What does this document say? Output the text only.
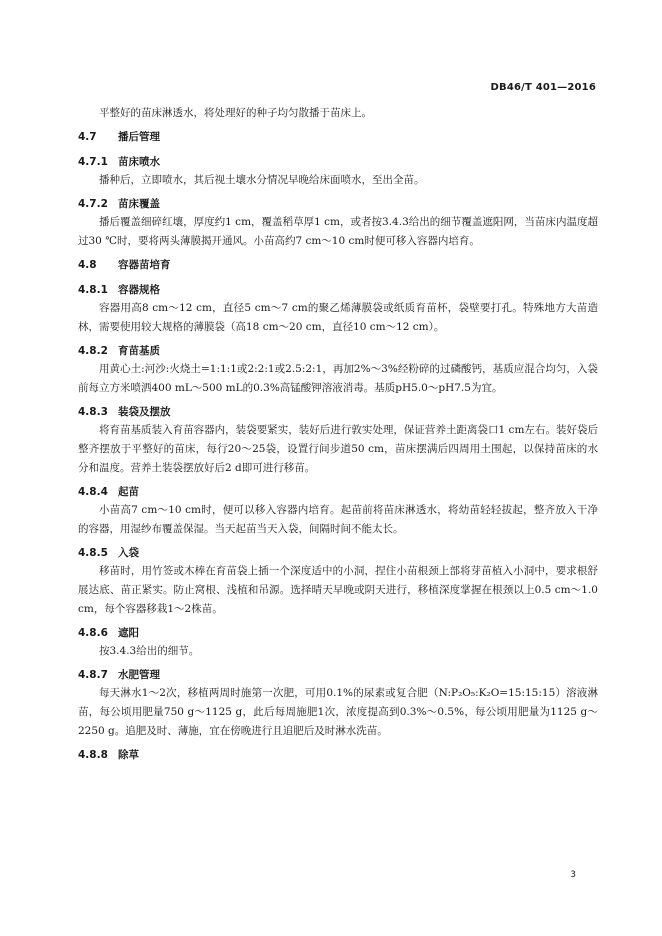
DB46/T 401—2016

平整好的苗床淋透水，将处理好的种子均匀散播于苗床上。

4.7 播后管理
4.7.1 苗床喷水

播种后，立即喷水，其后视土壤水分情况早晚给床面喷水，至出全苗。

4.7.2 苗床覆盖

播后覆盖细碎红壤，厚度约1 cm，覆盖稻草厚1 cm，或者按3.4.3给出的细节覆盖遮阳网，当苗床内温度超过30 ℃时，要将两头薄膜揭开通风。小苗高约7 cm～10 cm时便可移入容器内培育。

4.8 容器苗培育
4.8.1 容器规格

容器用高8 cm～12 cm，直径5 cm～7 cm的聚乙烯薄膜袋或纸质育苗杯，袋壁要打孔。特殊地方大苗造林，需要使用较大规格的薄膜袋（高18 cm～20 cm，直径10 cm～12 cm）。

4.8.2 育苗基质

用黄心土:河沙:火烧土=1:1:1或2:2:1或2.5:2:1，再加2%～3%经粉碎的过磷酸钙，基质应混合均匀，入袋前每立方米喷洒400 mL～500 mL的0.3%高锰酸钾溶液消毒。基质pH5.0～pH7.5为宜。

4.8.3 装袋及摆放

将育苗基质装入育苗容器内，装袋要紧实，装好后进行敦实处理，保证营养土距离袋口1 cm左右。装好袋后整齐摆放于平整好的苗床，每行20～25袋，设置行间步道50 cm，苗床摆满后四周用土围起，以保持苗床的水分和温度。营养土装袋摆放好后2 d即可进行移苗。

4.8.4 起苗

小苗高7 cm～10 cm时，便可以移入容器内培育。起苗前将苗床淋透水，将幼苗轻轻拔起，整齐放入干净的容器，用湿纱布覆盖保湿。当天起苗当天入袋，间隔时间不能太长。

4.8.5 入袋

移苗时，用竹签或木棒在育苗袋上插一个深度适中的小洞，捏住小苗根颈上部将芽苗植入小洞中，要求根舒展达底、苗正紧实。防止窝根、浅植和吊源。选择晴天早晚或阴天进行，移植深度掌握在根颈以上0.5 cm～1.0 cm，每个容器移栽1～2株苗。

4.8.6 遮阳

按3.4.3给出的细节。

4.8.7 水肥管理

每天淋水1～2次，移植两周时施第一次肥，可用0.1%的尿素或复合肥（N:P₂O₅:K₂O=15:15:15）溶液淋苗，每公顷用肥量750 g～1125 g，此后每周施肥1次，浓度提高到0.3%～0.5%，每公顷用肥量为1125 g～2250 g。追肥及时、薄施，宜在傍晚进行且追肥后及时淋水洗苗。

4.8.8 除草
3
